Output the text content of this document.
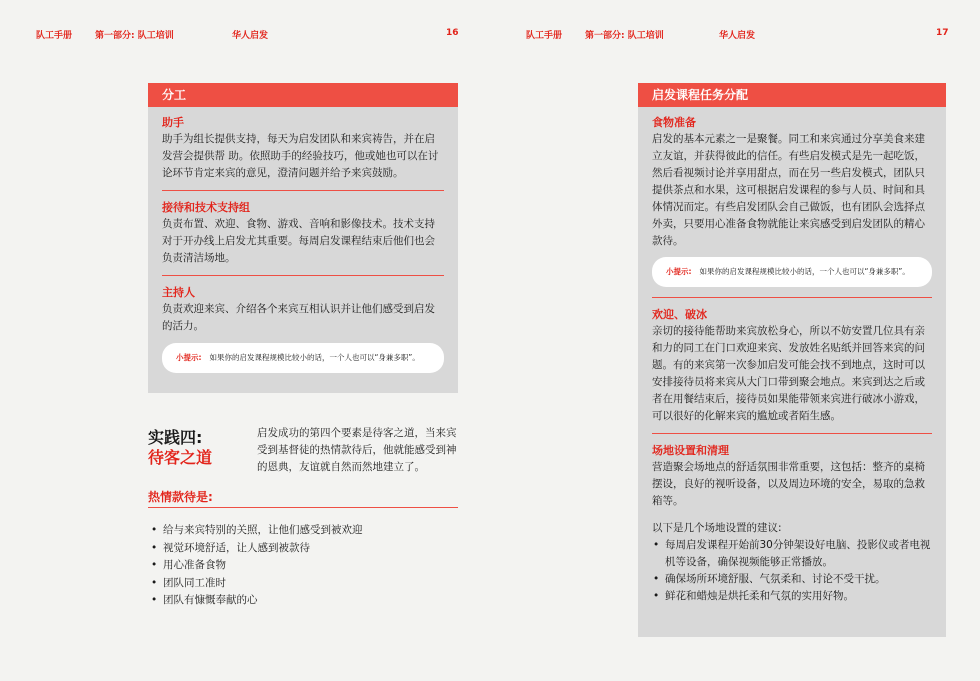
队工手册	第一部分: 队工培训	华人启发	16
分工
助手
助手为组长提供支持，每天为启发团队和来宾祷告，并在启发营会提供帮 助。依照助手的经验技巧，他或她也可以在讨论环节肯定来宾的意见，澄清问题并给予来宾鼓励。
接待和技术支持组
负责布置、欢迎、食物、游戏、音响和影像技术。技术支持对于开办线上启发尤其重要。每周启发课程结束后他们也会负责清洁场地。
主持人
负责欢迎来宾、介绍各个来宾互相认识并让他们感受到启发的活力。
小提示: 如果你的启发课程规模比较小的话，一个人也可以“身兼多职”。
实践四:
待客之道
启发成功的第四个要素是待客之道，当来宾受到基督徒的热情款待后，他就能感受到神的恩典，友谊就自然而然地建立了。
热情款待是:
• 给与来宾特别的关照，让他们感受到被欢迎
• 视觉环境舒适，让人感到被款待
• 用心准备食物
• 团队同工准时
• 团队有慷慨奉献的心
队工手册	第一部分: 队工培训	华人启发	17
启发课程任务分配
食物准备
启发的基本元素之一是聚餐。同工和来宾通过分享美食来建立友谊，并获得彼此的信任。有些启发模式是先一起吃饭，然后看视频讨论并享用甜点，而在另一些启发模式，团队只提供茶点和水果，这可根据启发课程的参与人员、时间和具体情况而定。有些启发团队会自己做饭，也有团队会选择点外卖，只要用心准备食物就能让来宾感受到启发团队的精心款待。
小提示: 如果你的启发课程规模比较小的话，一个人也可以“身兼多职”。
欢迎、破冰
亲切的接待能帮助来宾放松身心，所以不妨安置几位具有亲和力的同工在门口欢迎来宾、发放姓名贴纸并回答来宾的问题。有的来宾第一次参加启发可能会找不到地点，这时可以安排接待员将来宾从大门口带到聚会地点。来宾到达之后或者在用餐结束后，接待员如果能带领来宾进行破冰小游戏，可以很好的化解来宾的尴尬或者陌生感。
场地设置和清理
营造聚会场地点的舒适氛围非常重要，这包括：整齐的桌椅摆设，良好的视听设备，以及周边环境的安全，易取的急救箱等。
以下是几个场地设置的建议:
• 每周启发课程开始前30分钟架设好电脑、投影仪或者电视机等设备，确保视频能够正常播放。
• 确保场所环境舒服、气氛柔和、讨论不受干扰。
• 鲜花和蜡烛是烘托柔和气氛的实用好物。
